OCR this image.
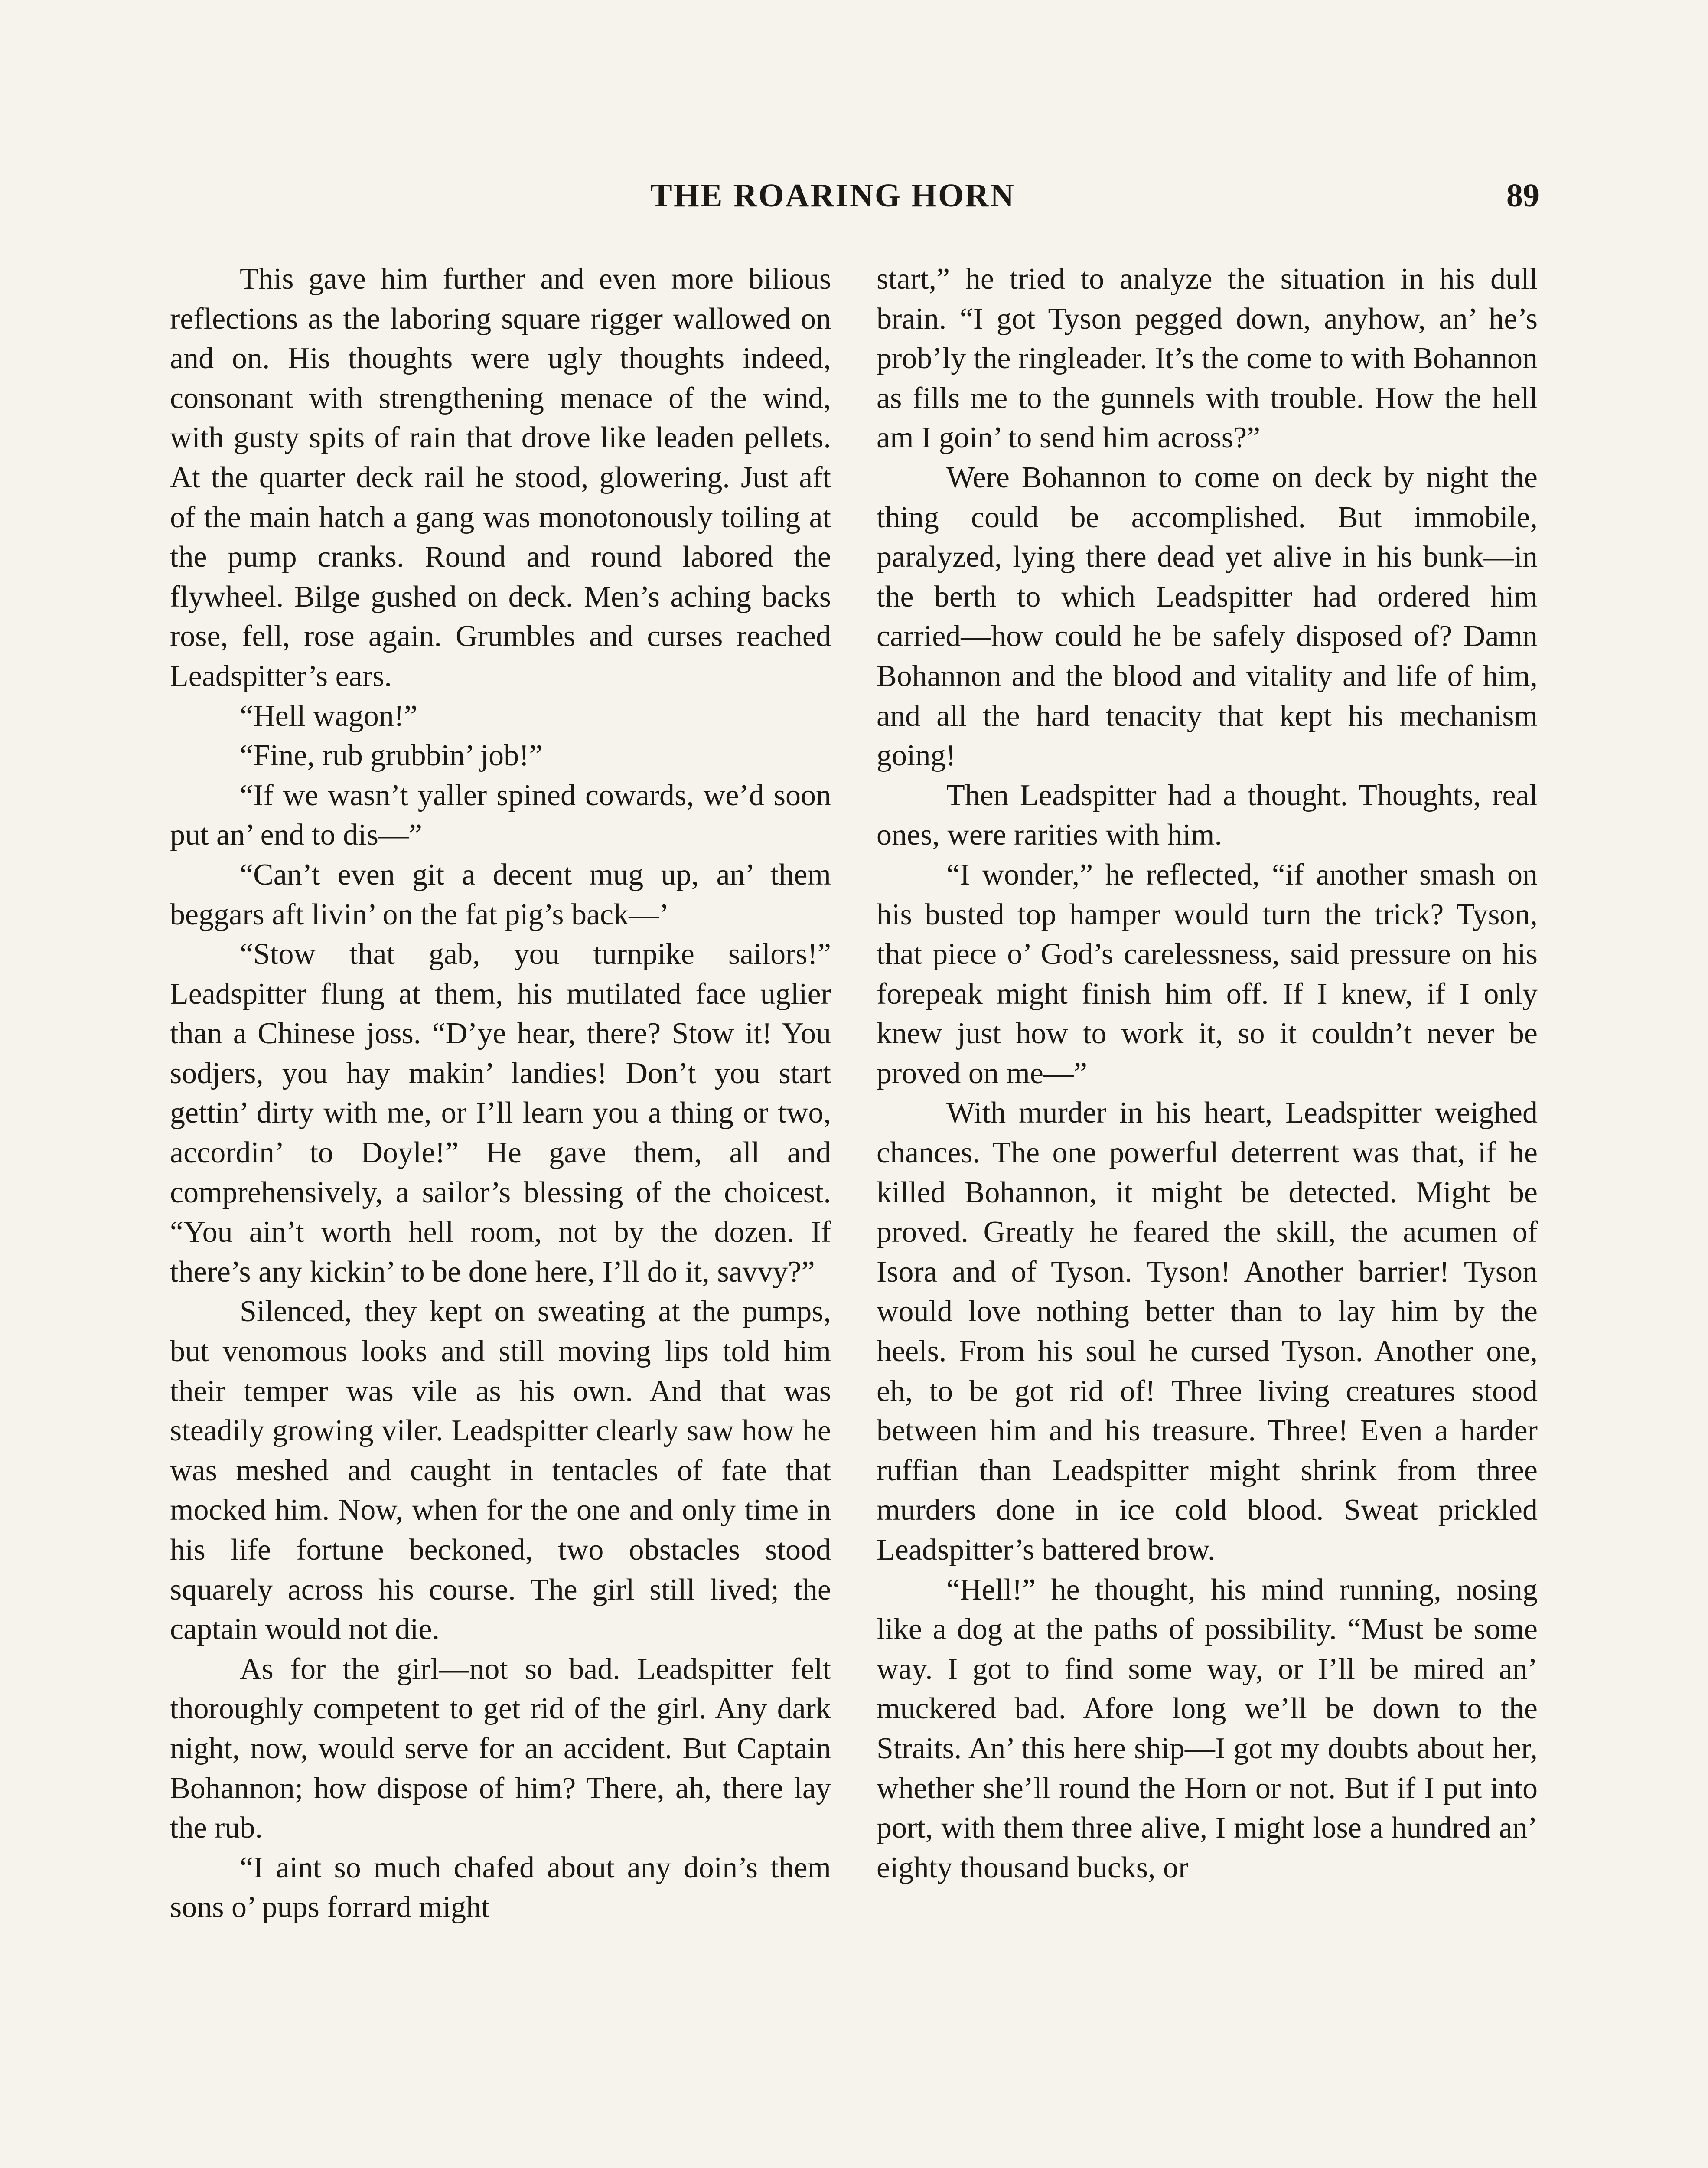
THE ROARING HORN	89

This gave him further and even more bilious reflections as the laboring square rigger wallowed on and on. His thoughts were ugly thoughts indeed, consonant with strengthening menace of the wind, with gusty spits of rain that drove like leaden pellets. At the quarter deck rail he stood, glowering. Just aft of the main hatch a gang was monotonously toiling at the pump cranks. Round and round labored the flywheel. Bilge gushed on deck. Men’s aching backs rose, fell, rose again. Grumbles and curses reached Leadspitter’s ears.

“Hell wagon!”

“Fine, rub grubbin’ job!”

“If we wasn’t yaller spined cowards, we’d soon put an’ end to dis—”

“Can’t even git a decent mug up, an’ them beggars aft livin’ on the fat pig’s back—’

“Stow that gab, you turnpike sailors!” Leadspitter flung at them, his mutilated face uglier than a Chinese joss. “D’ye hear, there? Stow it! You sodjers, you hay makin’ landies! Don’t you start gettin’ dirty with me, or I’ll learn you a thing or two, accordin’ to Doyle!” He gave them, all and comprehensively, a sailor’s blessing of the choicest. “You ain’t worth hell room, not by the dozen. If there’s any kickin’ to be done here, I’ll do it, savvy?”

Silenced, they kept on sweating at the pumps, but venomous looks and still moving lips told him their temper was vile as his own. And that was steadily growing viler. Leadspitter clearly saw how he was meshed and caught in tentacles of fate that mocked him. Now, when for the one and only time in his life fortune beckoned, two obstacles stood squarely across his course. The girl still lived; the captain would not die.

As for the girl—not so bad. Leadspitter felt thoroughly competent to get rid of the girl. Any dark night, now, would serve for an accident. But Captain Bohannon; how dispose of him? There, ah, there lay the rub.

“I aint so much chafed about any doin’s them sons o’ pups forrard might

start,” he tried to analyze the situation in his dull brain. “I got Tyson pegged down, anyhow, an’ he’s prob’ly the ringleader. It’s the come to with Bohannon as fills me to the gunnels with trouble. How the hell am I goin’ to send him across?”

Were Bohannon to come on deck by night the thing could be accomplished. But immobile, paralyzed, lying there dead yet alive in his bunk—in the berth to which Leadspitter had ordered him carried—how could he be safely disposed of? Damn Bohannon and the blood and vitality and life of him, and all the hard tenacity that kept his mechanism going!

Then Leadspitter had a thought. Thoughts, real ones, were rarities with him.

“I wonder,” he reflected, “if another smash on his busted top hamper would turn the trick? Tyson, that piece o’ God’s carelessness, said pressure on his forepeak might finish him off. If I knew, if I only knew just how to work it, so it couldn’t never be proved on me—”

With murder in his heart, Leadspitter weighed chances. The one powerful deterrent was that, if he killed Bohannon, it might be detected. Might be proved. Greatly he feared the skill, the acumen of Isora and of Tyson. Tyson! Another barrier! Tyson would love nothing better than to lay him by the heels. From his soul he cursed Tyson. Another one, eh, to be got rid of! Three living creatures stood between him and his treasure. Three! Even a harder ruffian than Leadspitter might shrink from three murders done in ice cold blood. Sweat prickled Leadspitter’s battered brow.

“Hell!” he thought, his mind running, nosing like a dog at the paths of possibility. “Must be some way. I got to find some way, or I’ll be mired an’ muckered bad. Afore long we’ll be down to the Straits. An’ this here ship—I got my doubts about her, whether she’ll round the Horn or not. But if I put into port, with them three alive, I might lose a hundred an’ eighty thousand bucks, or
